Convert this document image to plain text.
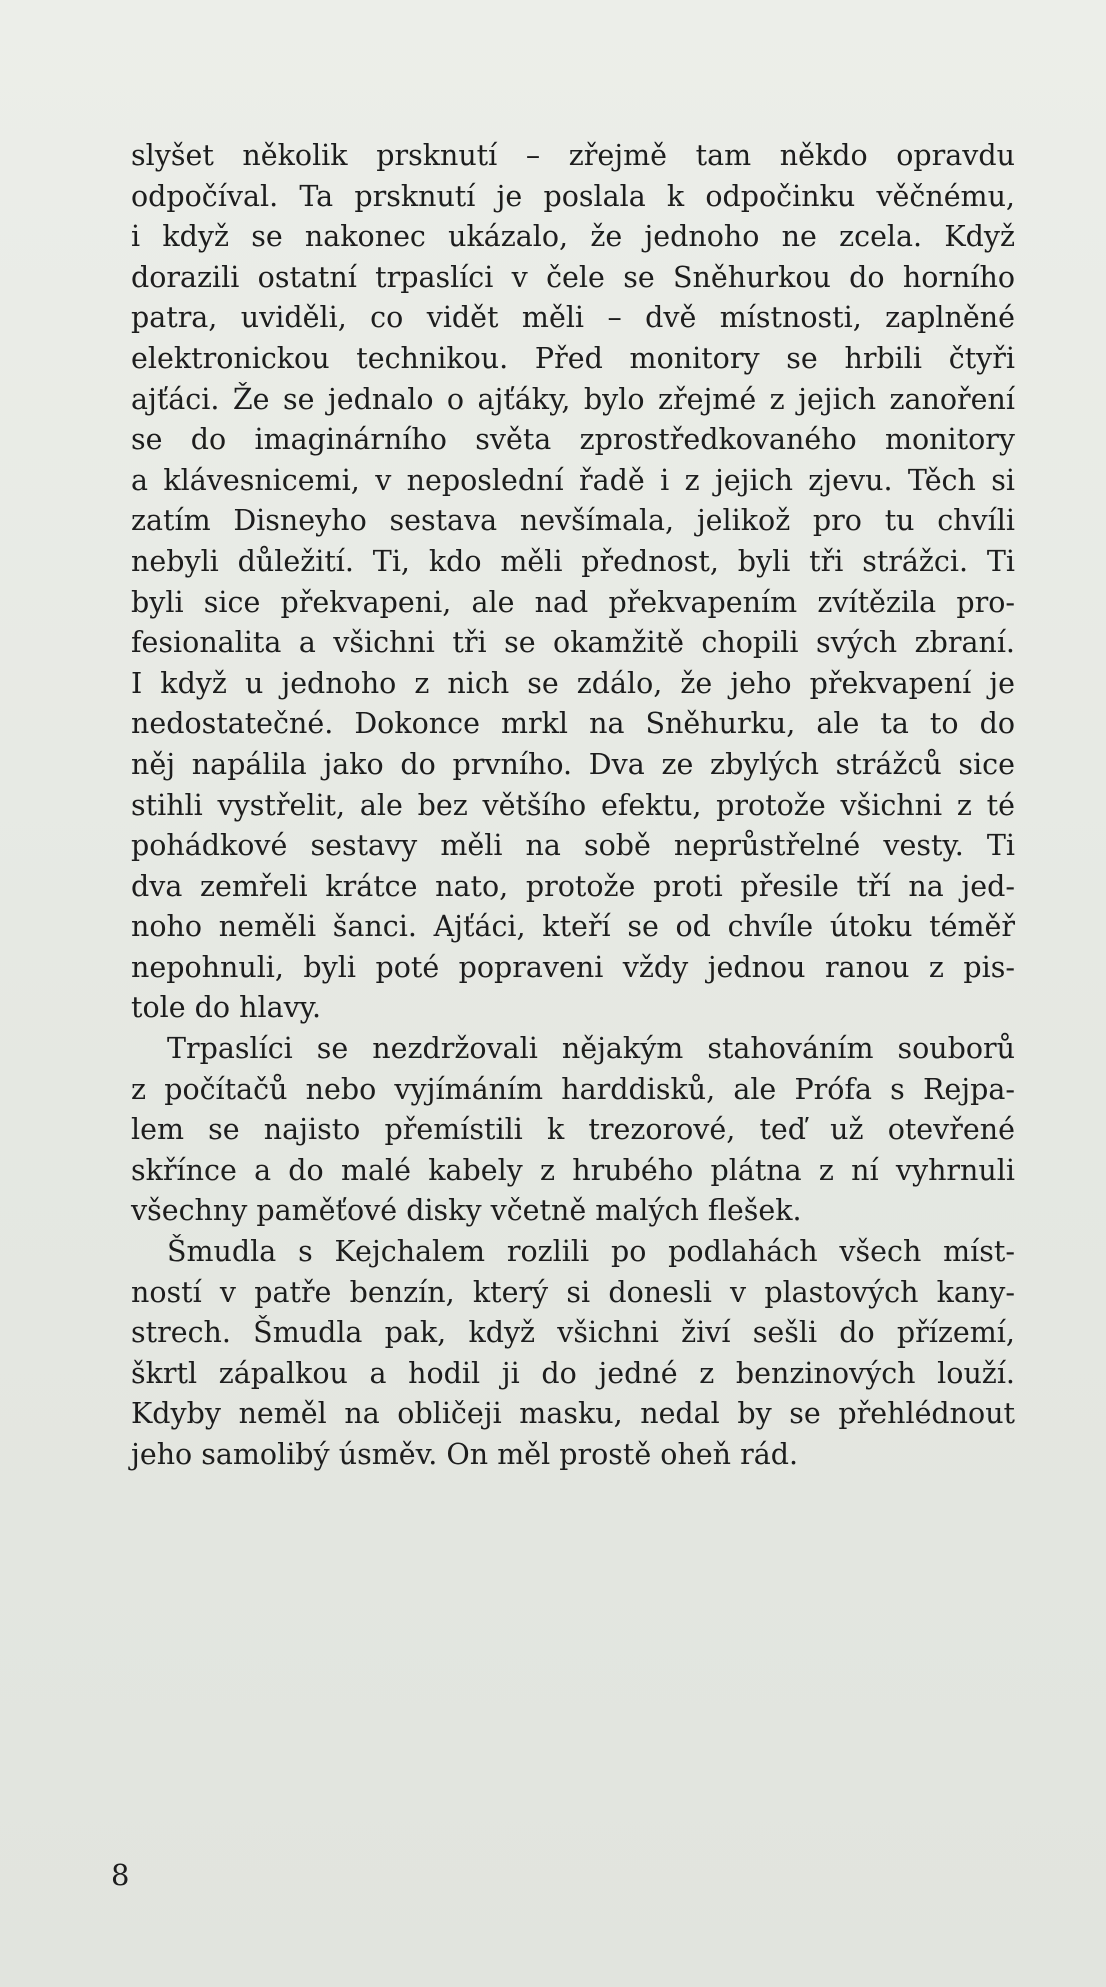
slyšet několik prsknutí – zřejmě tam někdo opravdu
odpočíval. Ta prsknutí je poslala k odpočinku věčnému,
i když se nakonec ukázalo, že jednoho ne zcela. Když
dorazili ostatní trpaslíci v čele se Sněhurkou do horního
patra, uviděli, co vidět měli – dvě místnosti, zaplněné
elektronickou technikou. Před monitory se hrbili čtyři
ajťáci. Že se jednalo o ajťáky, bylo zřejmé z jejich zanoření
se do imaginárního světa zprostředkovaného monitory
a klávesnicemi, v neposlední řadě i z jejich zjevu. Těch si
zatím Disneyho sestava nevšímala, jelikož pro tu chvíli
nebyli důležití. Ti, kdo měli přednost, byli tři strážci. Ti
byli sice překvapeni, ale nad překvapením zvítězila pro-
fesionalita a všichni tři se okamžitě chopili svých zbraní.
I když u jednoho z nich se zdálo, že jeho překvapení je
nedostatečné. Dokonce mrkl na Sněhurku, ale ta to do
něj napálila jako do prvního. Dva ze zbylých strážců sice
stihli vystřelit, ale bez většího efektu, protože všichni z té
pohádkové sestavy měli na sobě neprůstřelné vesty. Ti
dva zemřeli krátce nato, protože proti přesile tří na jed-
noho neměli šanci. Ajťáci, kteří se od chvíle útoku téměř
nepohnuli, byli poté popraveni vždy jednou ranou z pis-
tole do hlavy.

Trpaslíci se nezdržovali nějakým stahováním souborů
z počítačů nebo vyjímáním harddisků, ale Prófa s Rejpa-
lem se najisto přemístili k trezorové, teď už otevřené
skřínce a do malé kabely z hrubého plátna z ní vyhrnuli
všechny paměťové disky včetně malých flešek.

Šmudla s Kejchalem rozlili po podlahách všech míst-
ností v patře benzín, který si donesli v plastových kany-
strech. Šmudla pak, když všichni živí sešli do přízemí,
škrtl zápalkou a hodil ji do jedné z benzinových louží.
Kdyby neměl na obličeji masku, nedal by se přehlédnout
jeho samolibý úsměv. On měl prostě oheň rád.

8
